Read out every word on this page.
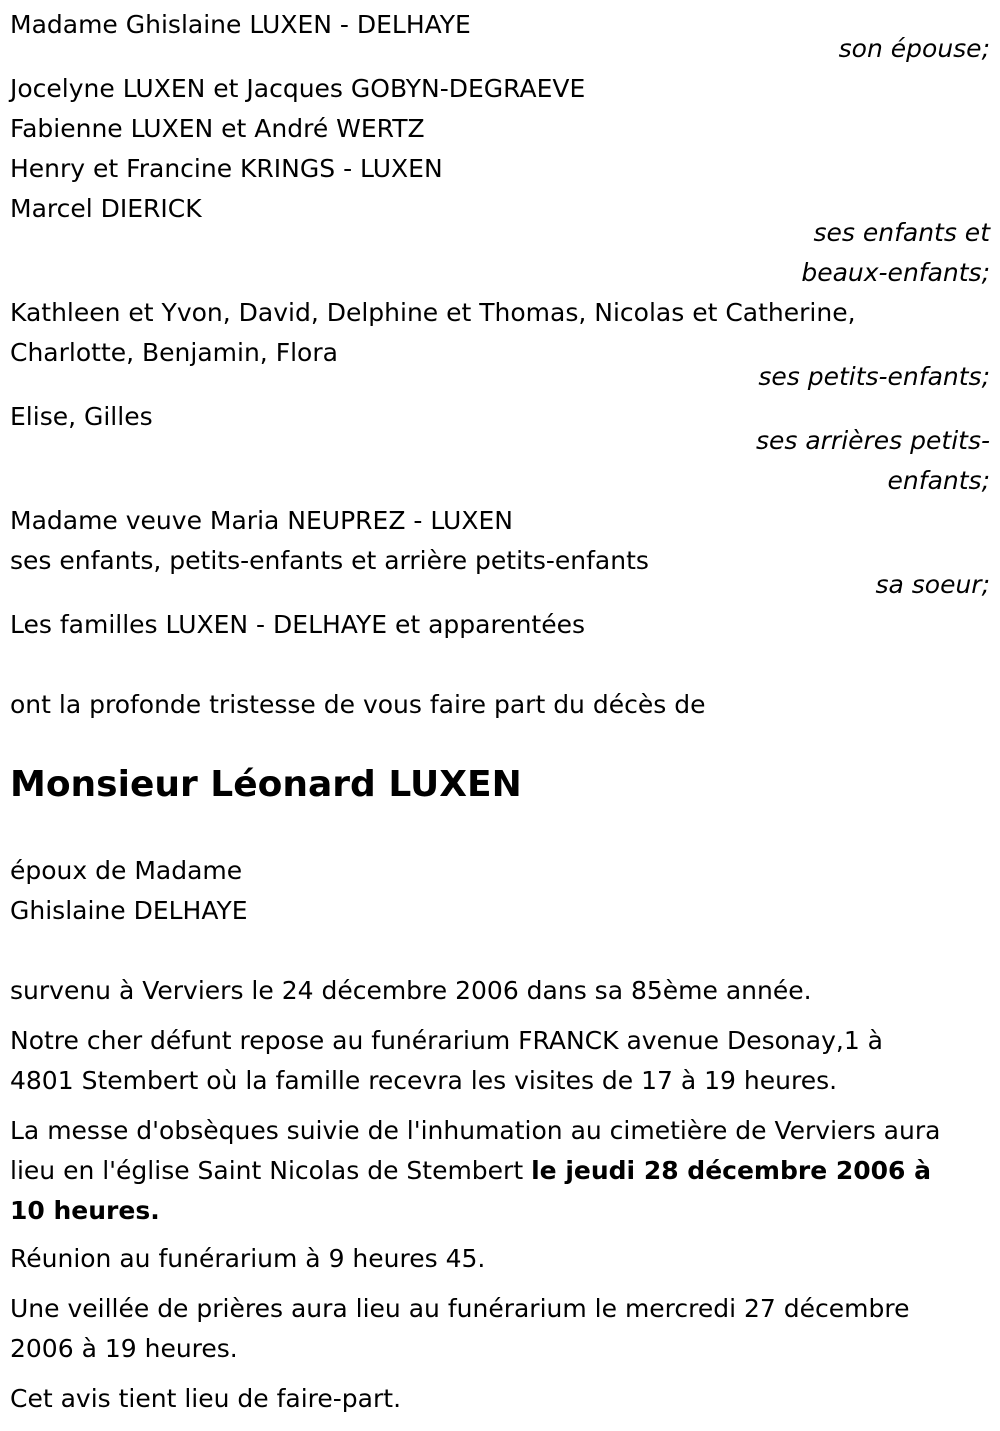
Madame Ghislaine LUXEN - DELHAYE
son épouse;
Jocelyne LUXEN et Jacques GOBYN-DEGRAEVE
Fabienne LUXEN et André WERTZ
Henry et Francine KRINGS - LUXEN
Marcel DIERICK
ses enfants et
beaux-enfants;
Kathleen et Yvon, David, Delphine et Thomas, Nicolas et Catherine,
Charlotte, Benjamin, Flora
ses petits-enfants;
Elise, Gilles
ses arrières petits-
enfants;
Madame veuve Maria NEUPREZ - LUXEN
ses enfants, petits-enfants et arrière petits-enfants
sa soeur;
Les familles LUXEN - DELHAYE et apparentées
ont la profonde tristesse de vous faire part du décès de
Monsieur Léonard LUXEN
époux de Madame
Ghislaine DELHAYE
survenu à Verviers le 24 décembre 2006 dans sa 85ème année.

Notre cher défunt repose au funérarium FRANCK avenue Desonay,1 à 4801 Stembert où la famille recevra les visites de 17 à 19 heures.

La messe d'obsèques suivie de l'inhumation au cimetière de Verviers aura lieu en l'église Saint Nicolas de Stembert le jeudi 28 décembre 2006 à 10 heures.

Réunion au funérarium à 9 heures 45.

Une veillée de prières aura lieu au funérarium le mercredi 27 décembre 2006 à 19 heures.

Cet avis tient lieu de faire-part.
